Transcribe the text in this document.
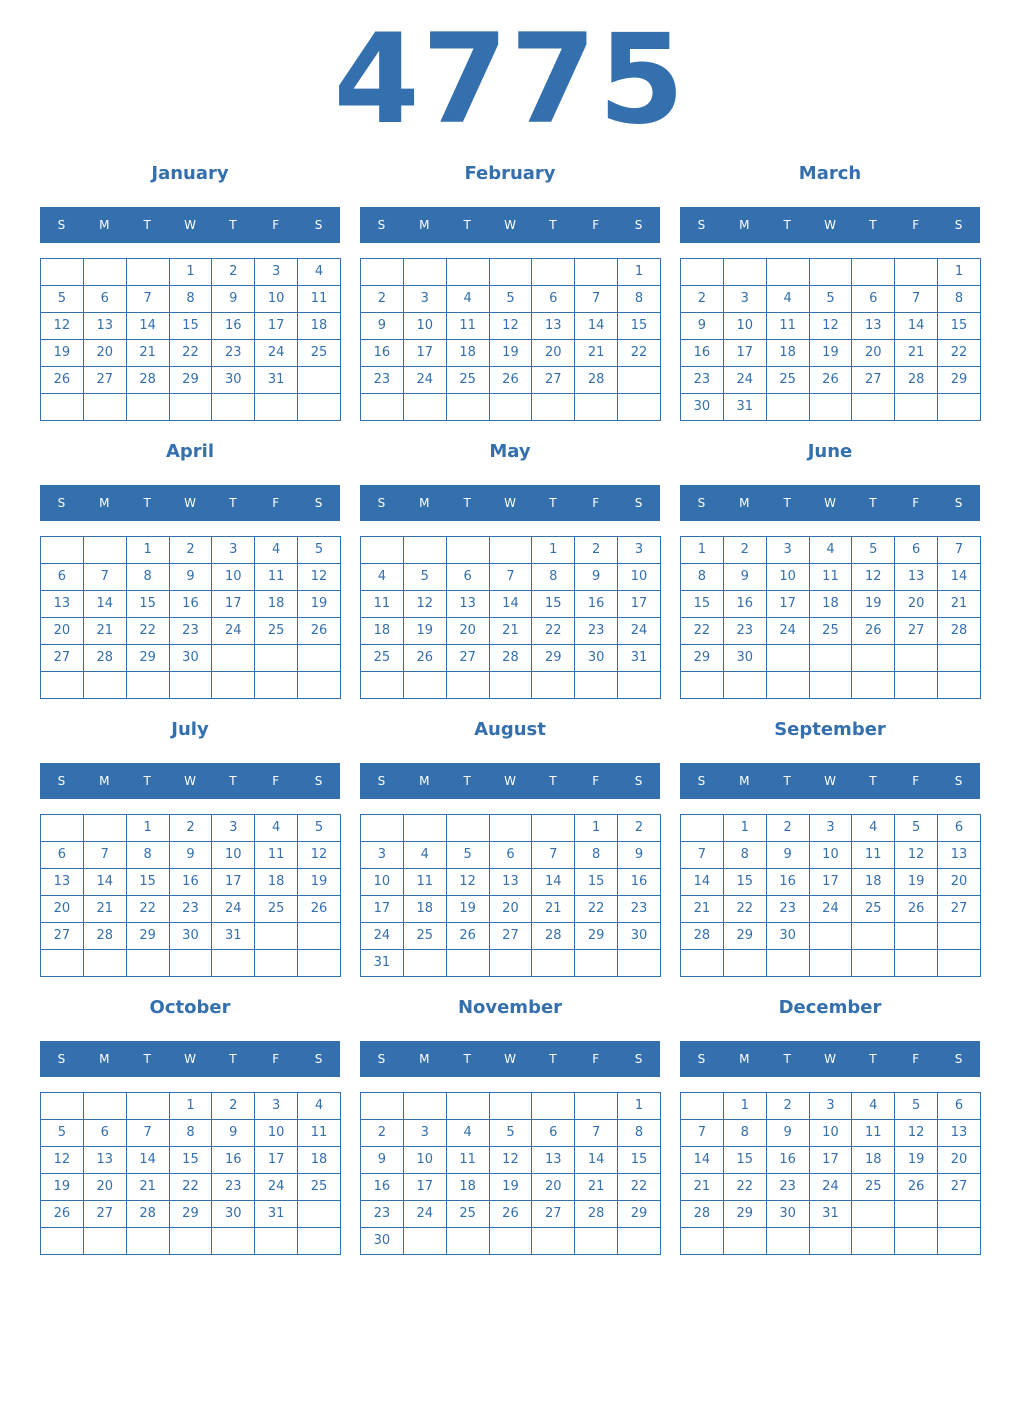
4775
January
S	M	T	W	T	F	S
			1	2	3	4
5	6	7	8	9	10	11
12	13	14	15	16	17	18
19	20	21	22	23	24	25
26	27	28	29	30	31	

February
S	M	T	W	T	F	S
						1
2	3	4	5	6	7	8
9	10	11	12	13	14	15
16	17	18	19	20	21	22
23	24	25	26	27	28	

March
S	M	T	W	T	F	S
						1
2	3	4	5	6	7	8
9	10	11	12	13	14	15
16	17	18	19	20	21	22
23	24	25	26	27	28	29
30	31					
April
S	M	T	W	T	F	S
		1	2	3	4	5
6	7	8	9	10	11	12
13	14	15	16	17	18	19
20	21	22	23	24	25	26
27	28	29	30			

May
S	M	T	W	T	F	S
				1	2	3
4	5	6	7	8	9	10
11	12	13	14	15	16	17
18	19	20	21	22	23	24
25	26	27	28	29	30	31

June
S	M	T	W	T	F	S
1	2	3	4	5	6	7
8	9	10	11	12	13	14
15	16	17	18	19	20	21
22	23	24	25	26	27	28
29	30					

July
S	M	T	W	T	F	S
		1	2	3	4	5
6	7	8	9	10	11	12
13	14	15	16	17	18	19
20	21	22	23	24	25	26
27	28	29	30	31		

August
S	M	T	W	T	F	S
					1	2
3	4	5	6	7	8	9
10	11	12	13	14	15	16
17	18	19	20	21	22	23
24	25	26	27	28	29	30
31						
September
S	M	T	W	T	F	S
	1	2	3	4	5	6
7	8	9	10	11	12	13
14	15	16	17	18	19	20
21	22	23	24	25	26	27
28	29	30				

October
S	M	T	W	T	F	S
			1	2	3	4
5	6	7	8	9	10	11
12	13	14	15	16	17	18
19	20	21	22	23	24	25
26	27	28	29	30	31	

November
S	M	T	W	T	F	S
						1
2	3	4	5	6	7	8
9	10	11	12	13	14	15
16	17	18	19	20	21	22
23	24	25	26	27	28	29
30						
December
S	M	T	W	T	F	S
	1	2	3	4	5	6
7	8	9	10	11	12	13
14	15	16	17	18	19	20
21	22	23	24	25	26	27
28	29	30	31			
